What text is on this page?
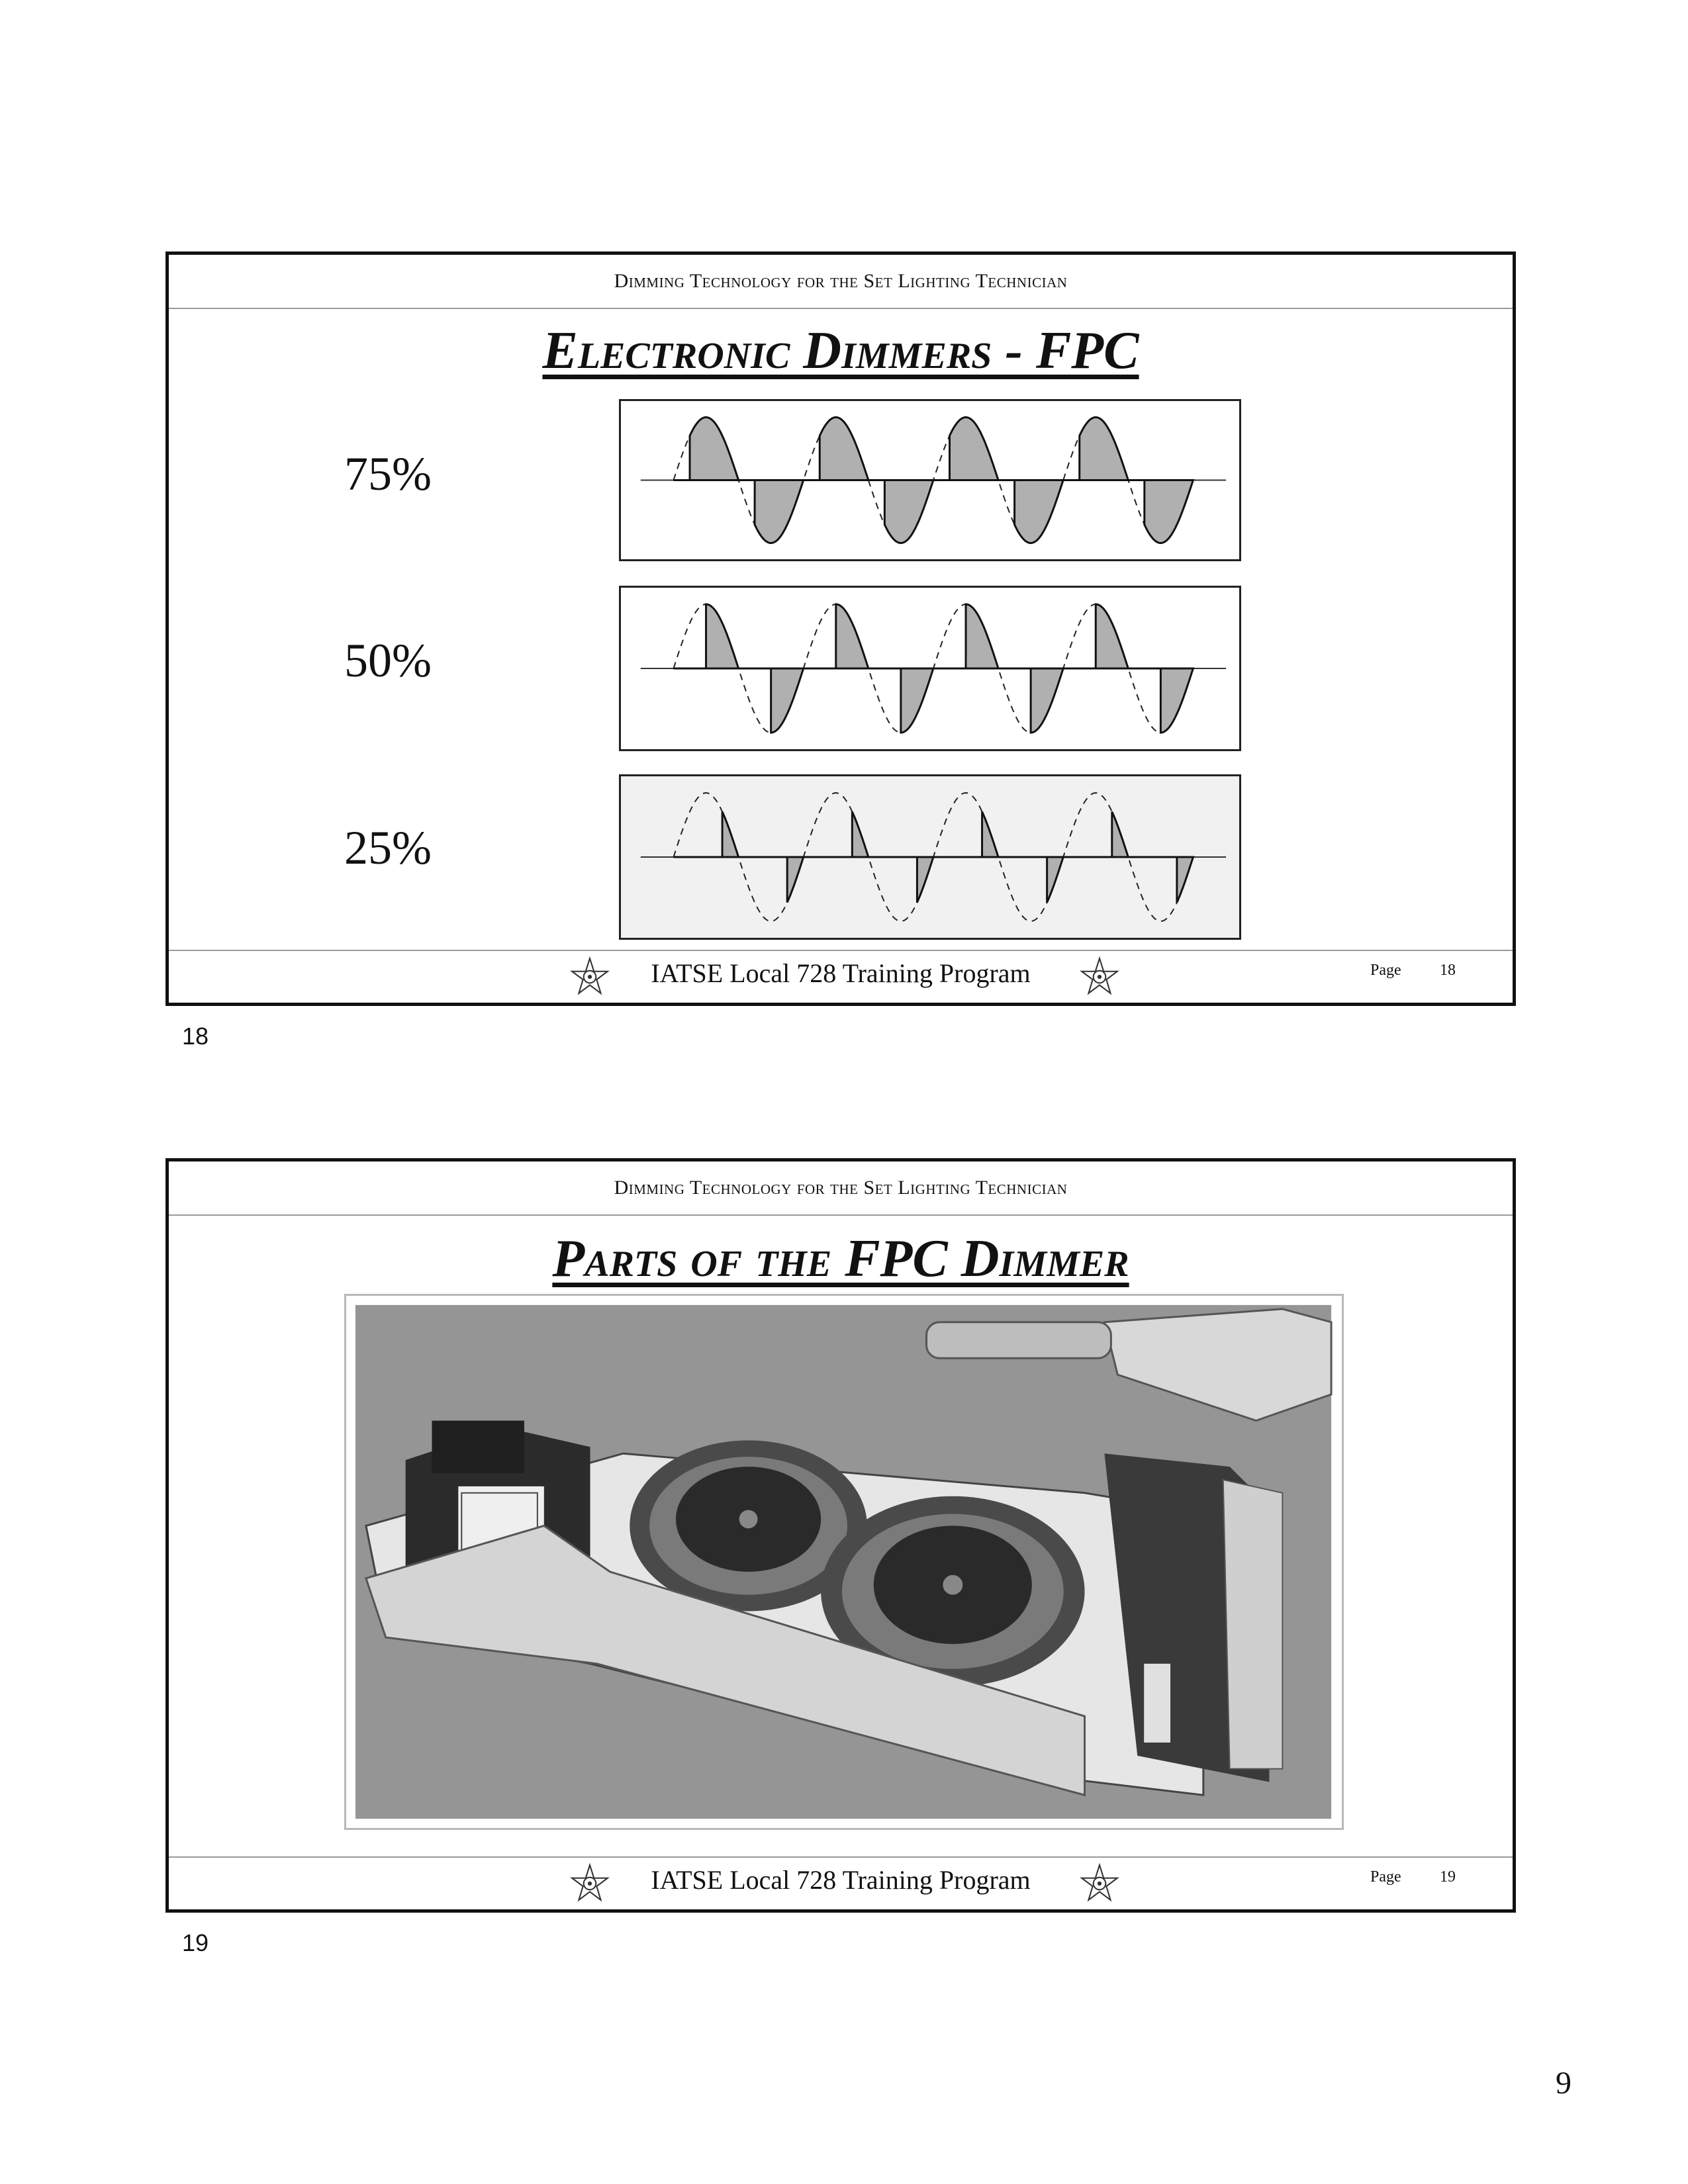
Dimming Technology for the Set Lighting Technician
Electronic Dimmers - FPC
75%
50%
25%
IATSE Local 728 Training Program	Page 18
18
Dimming Technology for the Set Lighting Technician
Parts of the FPC Dimmer
IATSE Local 728 Training Program	Page 19
19
9
